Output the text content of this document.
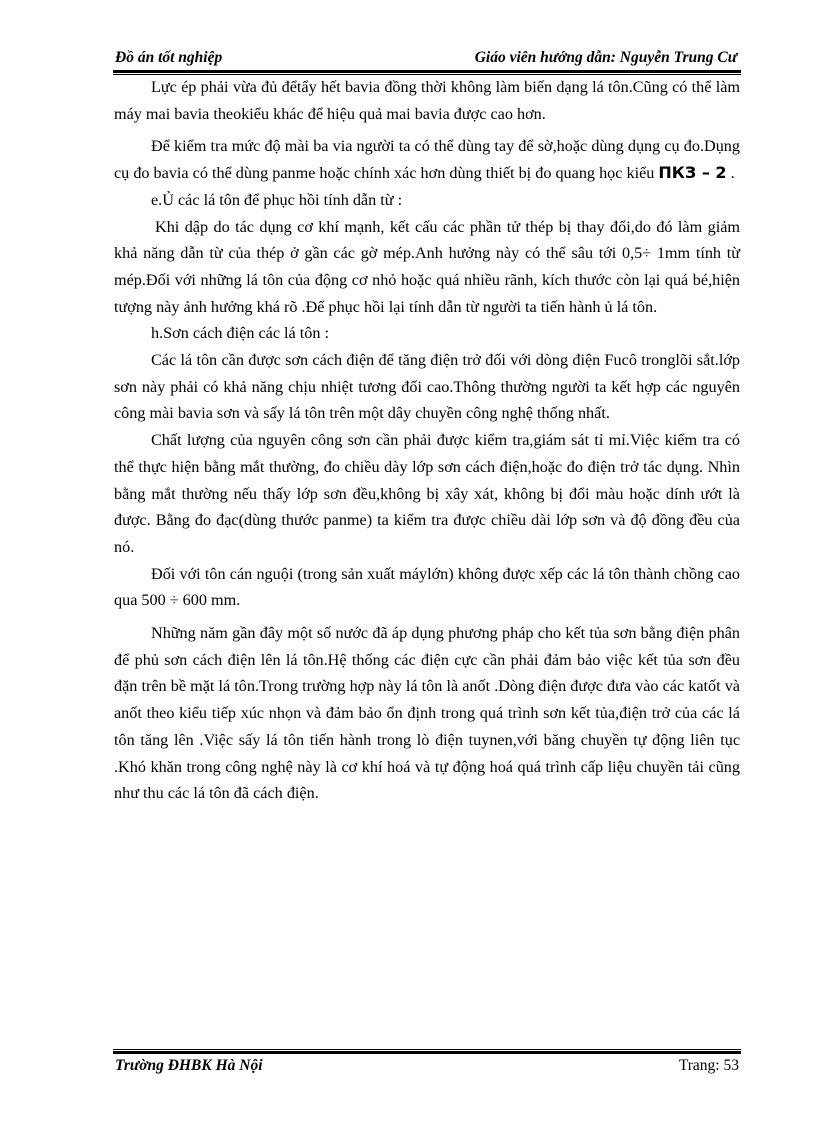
Đồ án tốt nghiệp	Giáo viên hướng dẫn: Nguyễn Trung Cư

Lực ép phải vừa đủ đểtẩy hết bavia đồng thời không làm biến dạng lá tôn.Cũng có thể làm máy mai bavia theokiểu khác để hiệu quả mai bavia được cao hơn.

Để kiểm tra mức độ mài ba via người ta có thể dùng tay để sờ,hoặc dùng dụng cụ đo.Dụng cụ đo bavia có thể dùng panme hoặc chính xác hơn dùng thiết bị đo quang học kiểu ПКЗ – 2 .

e.Ủ các lá tôn để phục hồi tính dẫn từ :

Khi dập do tác dụng cơ khí mạnh, kết cấu các phần tử thép bị thay đổi,do đó làm giảm khả năng dẫn từ của thép ở gần các gờ mép.Anh hưởng này có thể sâu tới 0,5÷ 1mm tính từ mép.Đối với những lá tôn của động cơ nhỏ hoặc quá nhiều rãnh, kích thước còn lại quá bé,hiện tượng này ảnh hưởng khá rõ .Để phục hồi lại tính dẫn từ người ta tiến hành ủ lá tôn.

h.Sơn cách điện các lá tôn :

Các lá tôn cần được sơn cách điện để tăng điện trở đối với dòng điện Fucô tronglõi sắt.lớp sơn này phải có khả năng chịu nhiệt tương đối cao.Thông thường người ta kết hợp các nguyên công mài bavia sơn và sấy lá tôn trên một dây chuyền công nghệ thống nhất.

Chất lượng của nguyên công sơn cần phải được kiểm tra,giám sát tỉ mỉ.Việc kiểm tra có thể thực hiện bằng mắt thường, đo chiều dày lớp sơn cách điện,hoặc đo điện trở tác dụng. Nhìn bằng mắt thường nếu thấy lớp sơn đều,không bị xây xát, không bị đổi màu hoặc dính ướt là được. Bằng đo đạc(dùng thước panme) ta kiểm tra được chiều dài lớp sơn và độ đồng đều của nó.

Đối với tôn cán nguội (trong sản xuất máylớn) không được xếp các lá tôn thành chồng cao qua 500 ÷ 600 mm.

Những năm gần đây một số nước đã áp dụng phương pháp cho kết tủa sơn bằng điện phân để phủ sơn cách điện lên lá tôn.Hệ thống các điện cực cần phải đảm bảo việc kết tủa sơn đều đặn trên bề mặt lá tôn.Trong trường hợp này lá tôn là anốt .Dòng điện được đưa vào các katốt và anốt theo kiểu tiếp xúc nhọn và đảm bảo ổn định trong quá trình sơn kết tủa,điện trở của các lá tôn tăng lên .Việc sấy lá tôn tiến hành trong lò điện tuynen,với băng chuyền tự động liên tục .Khó khăn trong công nghệ này là cơ khí hoá và tự động hoá quá trình cấp liệu chuyền tải cũng như thu các lá tôn đã cách điện.

Trường ĐHBK Hà Nội	Trang: 53
